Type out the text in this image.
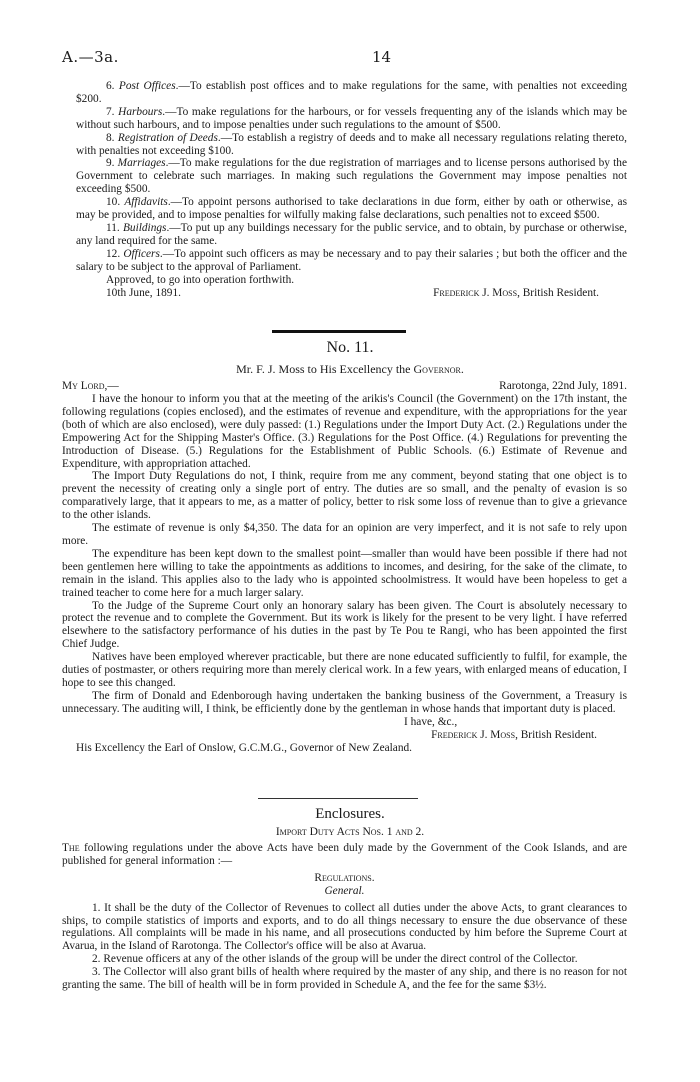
A.—3a.	14

6. Post Offices.—To establish post offices and to make regulations for the same, with penalties not exceeding $200.

7. Harbours.—To make regulations for the harbours, or for vessels frequenting any of the islands which may be without such harbours, and to impose penalties under such regulations to the amount of $500.

8. Registration of Deeds.—To establish a registry of deeds and to make all necessary regulations relating thereto, with penalties not exceeding $100.

9. Marriages.—To make regulations for the due registration of marriages and to license persons authorised by the Government to celebrate such marriages. In making such regulations the Government may impose penalties not exceeding $500.

10. Affidavits.—To appoint persons authorised to take declarations in due form, either by oath or otherwise, as may be provided, and to impose penalties for wilfully making false declarations, such penalties not to exceed $500.

11. Buildings.—To put up any buildings necessary for the public service, and to obtain, by purchase or otherwise, any land required for the same.

12. Officers.—To appoint such officers as may be necessary and to pay their salaries ; but both the officer and the salary to be subject to the approval of Parliament.

Approved, to go into operation forthwith.

10th June, 1891.	Frederick J. Moss, British Resident.
No. 11.
Mr. F. J. Moss to His Excellency the Governor.
My Lord,—	Rarotonga, 22nd July, 1891.

I have the honour to inform you that at the meeting of the arikis's Council (the Government) on the 17th instant, the following regulations (copies enclosed), and the estimates of revenue and expenditure, with the appropriations for the year (both of which are also enclosed), were duly passed: (1.) Regulations under the Import Duty Act. (2.) Regulations under the Empowering Act for the Shipping Master's Office. (3.) Regulations for the Post Office. (4.) Regulations for preventing the Introduction of Disease. (5.) Regulations for the Establishment of Public Schools. (6.) Estimate of Revenue and Expenditure, with appropriation attached.

The Import Duty Regulations do not, I think, require from me any comment, beyond stating that one object is to prevent the necessity of creating only a single port of entry. The duties are so small, and the penalty of evasion is so comparatively large, that it appears to me, as a matter of policy, better to risk some loss of revenue than to give a grievance to the other islands.

The estimate of revenue is only $4,350. The data for an opinion are very imperfect, and it is not safe to rely upon more.

The expenditure has been kept down to the smallest point—smaller than would have been possible if there had not been gentlemen here willing to take the appointments as additions to incomes, and desiring, for the sake of the climate, to remain in the island. This applies also to the lady who is appointed schoolmistress. It would have been hopeless to get a trained teacher to come here for a much larger salary.

To the Judge of the Supreme Court only an honorary salary has been given. The Court is absolutely necessary to protect the revenue and to complete the Government. But its work is likely for the present to be very light. I have referred elsewhere to the satisfactory performance of his duties in the past by Te Pou te Rangi, who has been appointed the first Chief Judge.

Natives have been employed wherever practicable, but there are none educated sufficiently to fulfil, for example, the duties of postmaster, or others requiring more than merely clerical work. In a few years, with enlarged means of education, I hope to see this changed.

The firm of Donald and Edenborough having undertaken the banking business of the Government, a Treasury is unnecessary. The auditing will, I think, be efficiently done by the gentleman in whose hands that important duty is placed.

I have, &c.,
Frederick J. Moss, British Resident.

His Excellency the Earl of Onslow, G.C.M.G., Governor of New Zealand.

Enclosures.
Import Duty Acts Nos. 1 and 2.

The following regulations under the above Acts have been duly made by the Government of the Cook Islands, and are published for general information :—

Regulations.

General.

1. It shall be the duty of the Collector of Revenues to collect all duties under the above Acts, to grant clearances to ships, to compile statistics of imports and exports, and to do all things necessary to ensure the due observance of these regulations. All complaints will be made in his name, and all prosecutions conducted by him before the Supreme Court at Avarua, in the Island of Rarotonga. The Collector's office will be also at Avarua.

2. Revenue officers at any of the other islands of the group will be under the direct control of the Collector.

3. The Collector will also grant bills of health where required by the master of any ship, and there is no reason for not granting the same. The bill of health will be in form provided in Schedule A, and the fee for the same $3½.
